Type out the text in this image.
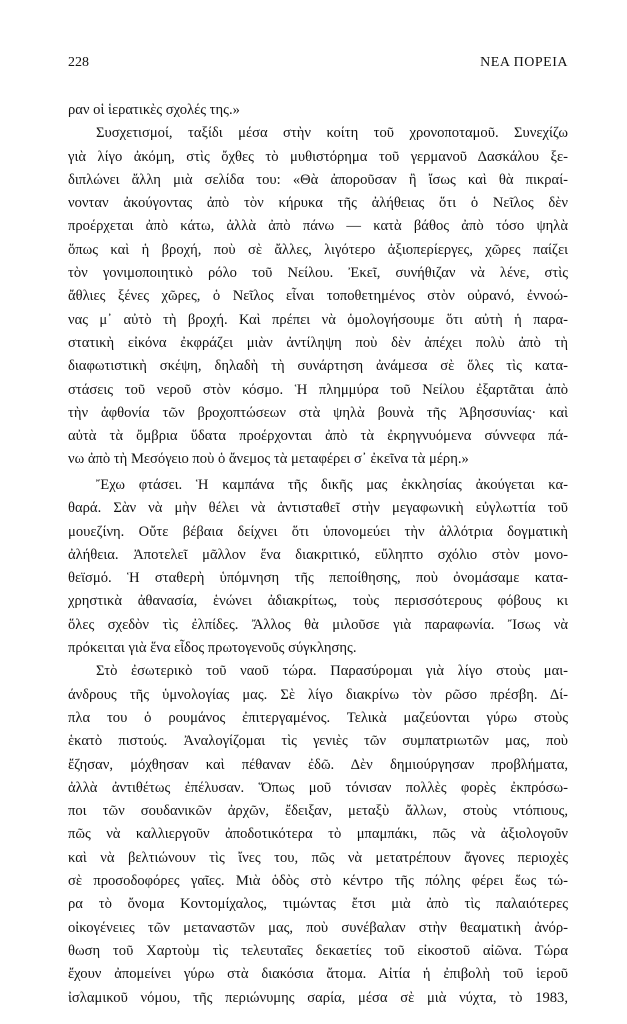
228	ΝΕΑ ΠΟΡΕΙΑ
ραν οἱ ἱερατικὲς σχολές της.»
Συσχετισμοί, ταξίδι μέσα στὴν κοίτη τοῦ χρονοποταμοῦ. Συνεχίζω
γιὰ λίγο ἀκόμη, στὶς ὄχθες τὸ μυθιστόρημα τοῦ γερμανοῦ Δασκάλου ξε-
διπλώνει ἄλλη μιὰ σελίδα του: «Θὰ ἀποροῦσαν ἢ ἴσως καὶ θὰ πικραί-
νονταν ἀκούγοντας ἀπὸ τὸν κήρυκα τῆς ἀλήθειας ὅτι ὁ Νεῖλος δὲν
προέρχεται ἀπὸ κάτω, ἀλλὰ ἀπὸ πάνω — κατὰ βάθος ἀπὸ τόσο ψηλὰ
ὅπως καὶ ἡ βροχή, ποὺ σὲ ἄλλες, λιγότερο ἀξιοπερίεργες, χῶρες παίζει
τὸν γονιμοποιητικὸ ρόλο τοῦ Νείλου. Ἐκεῖ, συνήθιζαν νὰ λένε, στὶς
ἄθλιες ξένες χῶρες, ὁ Νεῖλος εἶναι τοποθετημένος στὸν οὐρανό, ἐννοώ-
νας μ᾽ αὐτὸ τὴ βροχή. Καὶ πρέπει νὰ ὁμολογήσουμε ὅτι αὐτὴ ἡ παρα-
στατικὴ εἰκόνα ἐκφράζει μιὰν ἀντίληψη ποὺ δὲν ἀπέχει πολὺ ἀπὸ τὴ
διαφωτιστικὴ σκέψη, δηλαδὴ τὴ συνάρτηση ἀνάμεσα σὲ ὅλες τὶς κατα-
στάσεις τοῦ νεροῦ στὸν κόσμο. Ἡ πλημμύρα τοῦ Νείλου ἐξαρτᾶται ἀπὸ
τὴν ἀφθονία τῶν βροχοπτώσεων στὰ ψηλὰ βουνὰ τῆς Ἀβησσυνίας· καὶ
αὐτὰ τὰ ὄμβρια ὕδατα προέρχονται ἀπὸ τὰ ἐκρηγνυόμενα σύννεφα πά-
νω ἀπὸ τὴ Μεσόγειο ποὺ ὁ ἄνεμος τὰ μεταφέρει σ᾽ ἐκεῖνα τὰ μέρη.»
Ἔχω φτάσει. Ἡ καμπάνα τῆς δικῆς μας ἐκκλησίας ἀκούγεται κα-
θαρά. Σὰν νὰ μὴν θέλει νὰ ἀντισταθεῖ στὴν μεγαφωνικὴ εὐγλωττία τοῦ
μουεζίνη. Οὔτε βέβαια δείχνει ὅτι ὑπονομεύει τὴν ἀλλότρια δογματικὴ
ἀλήθεια. Ἀποτελεῖ μᾶλλον ἕνα διακριτικό, εὔληπτο σχόλιο στὸν μονο-
θεϊσμό. Ἡ σταθερὴ ὑπόμνηση τῆς πεποίθησης, ποὺ ὀνομάσαμε κατα-
χρηστικὰ ἀθανασία, ἑνώνει ἀδιακρίτως, τοὺς περισσότερους φόβους κι
ὅλες σχεδὸν τὶς ἐλπίδες. Ἄλλος θὰ μιλοῦσε γιὰ παραφωνία. Ἴσως νὰ
πρόκειται γιὰ ἕνα εἶδος πρωτογενοῦς σύγκλησης.
Στὸ ἐσωτερικὸ τοῦ ναοῦ τώρα. Παρασύρομαι γιὰ λίγο στοὺς μαι-
άνδρους τῆς ὑμνολογίας μας. Σὲ λίγο διακρίνω τὸν ρῶσο πρέσβη. Δί-
πλα του ὁ ρουμάνος ἐπιτεργαμένος. Τελικὰ μαζεύονται γύρω στοὺς
ἑκατὸ πιστούς. Ἀναλογίζομαι τὶς γενιὲς τῶν συμπατριωτῶν μας, ποὺ
ἔζησαν, μόχθησαν καὶ πέθαναν ἐδῶ. Δὲν δημιούργησαν προβλήματα,
ἀλλὰ ἀντιθέτως ἐπέλυσαν. Ὅπως μοῦ τόνισαν πολλὲς φορὲς ἐκπρόσω-
ποι τῶν σουδανικῶν ἀρχῶν, ἔδειξαν, μεταξὺ ἄλλων, στοὺς ντόπιους,
πῶς νὰ καλλιεργοῦν ἀποδοτικότερα τὸ μπαμπάκι, πῶς νὰ ἀξιολογοῦν
καὶ νὰ βελτιώνουν τὶς ἴνες του, πῶς νὰ μετατρέπουν ἄγονες περιοχὲς
σὲ προσοδοφόρες γαῖες. Μιὰ ὁδὸς στὸ κέντρο τῆς πόλης φέρει ἕως τώ-
ρα τὸ ὄνομα Κοντομίχαλος, τιμώντας ἔτσι μιὰ ἀπὸ τὶς παλαιότερες
οἰκογένειες τῶν μεταναστῶν μας, ποὺ συνέβαλαν στὴν θεαματικὴ ἀνόρ-
θωση τοῦ Χαρτοὺμ τὶς τελευταῖες δεκαετίες τοῦ εἰκοστοῦ αἰῶνα. Τώρα
ἔχουν ἀπομείνει γύρω στὰ διακόσια ἄτομα. Αἰτία ἡ ἐπιβολὴ τοῦ ἱεροῦ
ἰσλαμικοῦ νόμου, τῆς περιώνυμης σαρία, μέσα σὲ μιὰ νύχτα, τὸ 1983,
